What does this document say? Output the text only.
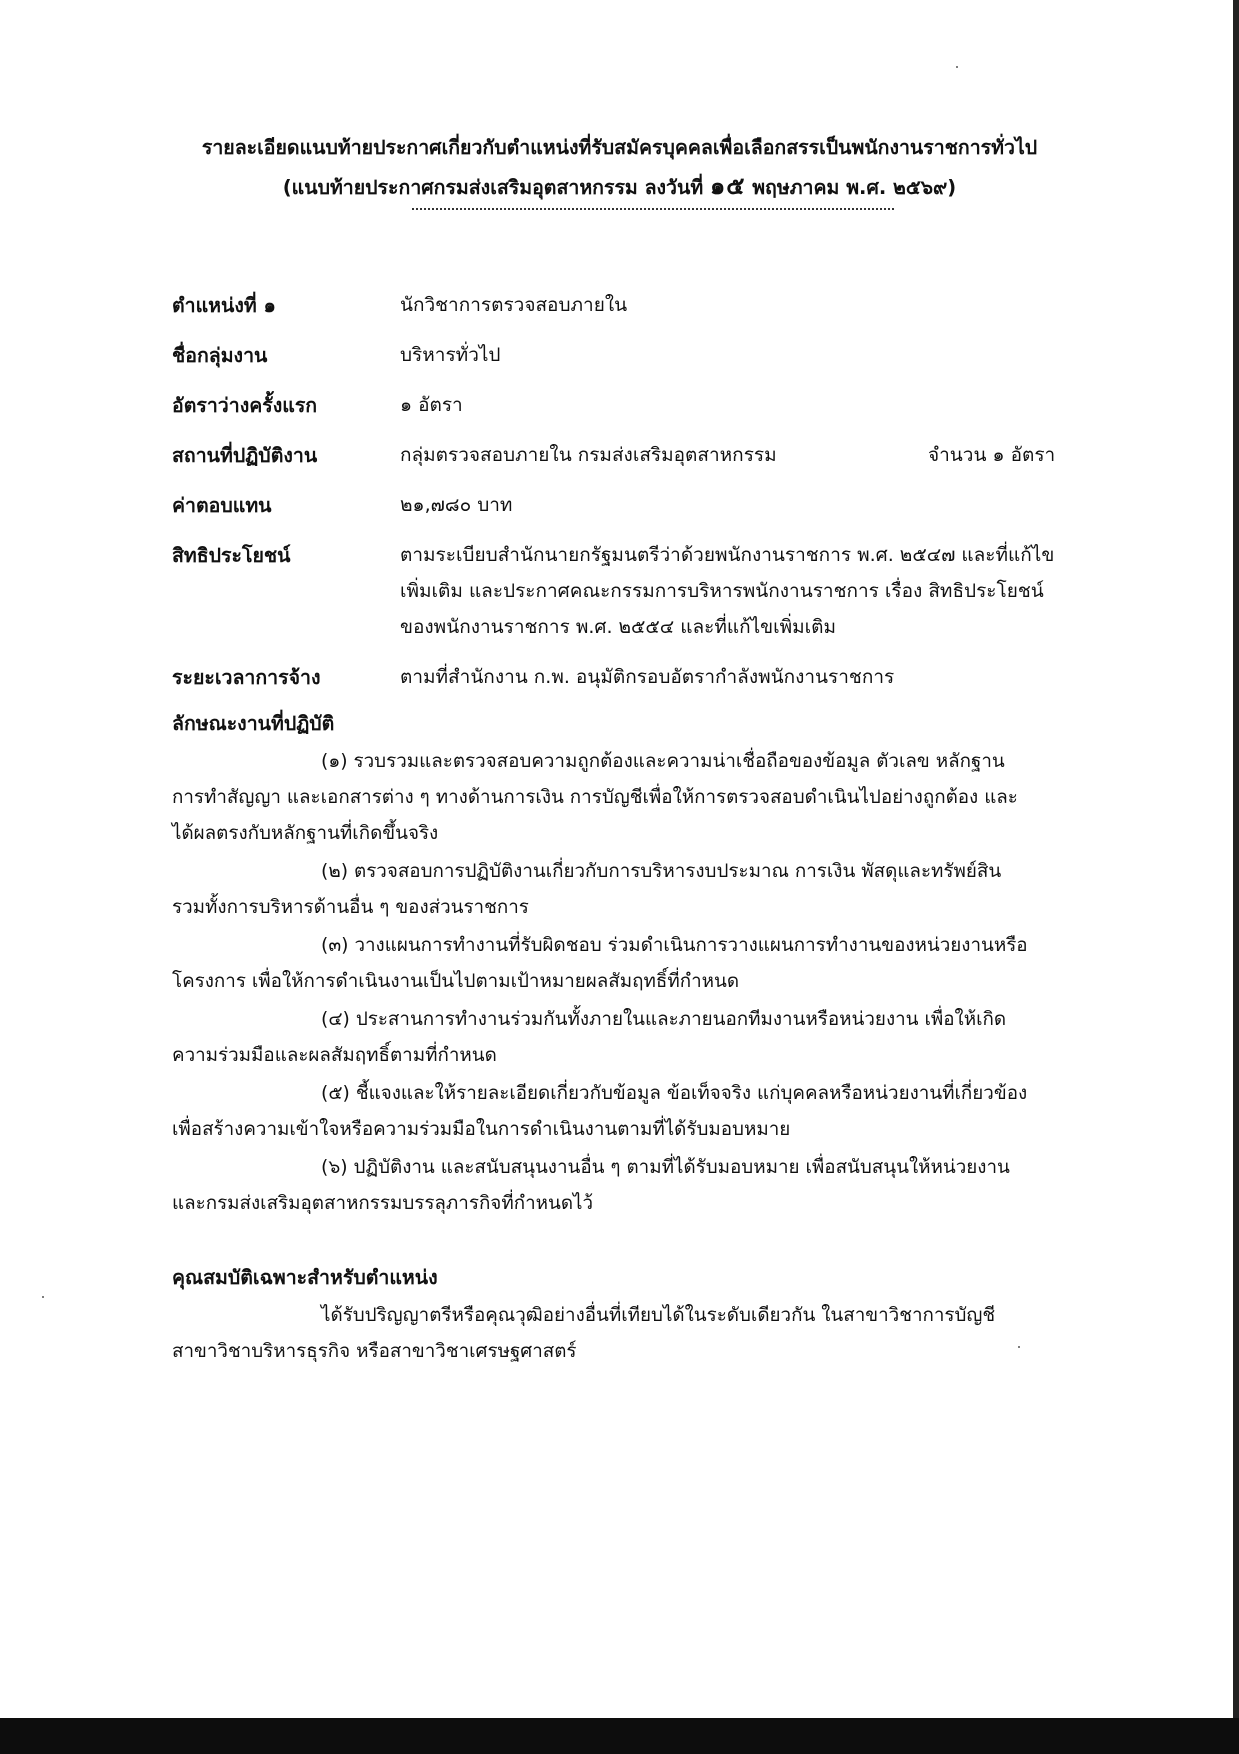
รายละเอียดแนบท้ายประกาศเกี่ยวกับตำแหน่งที่รับสมัครบุคคลเพื่อเลือกสรรเป็นพนักงานราชการทั่วไป
(แนบท้ายประกาศกรมส่งเสริมอุตสาหกรรม ลงวันที่ ๑๕ พฤษภาคม พ.ศ. ๒๕๖๙)
ตำแหน่งที่ ๑	นักวิชาการตรวจสอบภายใน
ชื่อกลุ่มงาน	บริหารทั่วไป
อัตราว่างครั้งแรก	๑ อัตรา
สถานที่ปฏิบัติงาน	กลุ่มตรวจสอบภายใน กรมส่งเสริมอุตสาหกรรม	จำนวน ๑ อัตรา
ค่าตอบแทน	๒๑,๗๘๐ บาท
สิทธิประโยชน์	ตามระเบียบสำนักนายกรัฐมนตรีว่าด้วยพนักงานราชการ พ.ศ. ๒๕๔๗ และที่แก้ไข
เพิ่มเติม และประกาศคณะกรรมการบริหารพนักงานราชการ เรื่อง สิทธิประโยชน์
ของพนักงานราชการ พ.ศ. ๒๕๕๔ และที่แก้ไขเพิ่มเติม
ระยะเวลาการจ้าง	ตามที่สำนักงาน ก.พ. อนุมัติกรอบอัตรากำลังพนักงานราชการ
ลักษณะงานที่ปฏิบัติ
(๑) รวบรวมและตรวจสอบความถูกต้องและความน่าเชื่อถือของข้อมูล ตัวเลข หลักฐาน
การทำสัญญา และเอกสารต่าง ๆ ทางด้านการเงิน การบัญชีเพื่อให้การตรวจสอบดำเนินไปอย่างถูกต้อง และ
ได้ผลตรงกับหลักฐานที่เกิดขึ้นจริง
(๒) ตรวจสอบการปฏิบัติงานเกี่ยวกับการบริหารงบประมาณ การเงิน พัสดุและทรัพย์สิน
รวมทั้งการบริหารด้านอื่น ๆ ของส่วนราชการ
(๓) วางแผนการทำงานที่รับผิดชอบ ร่วมดำเนินการวางแผนการทำงานของหน่วยงานหรือ
โครงการ เพื่อให้การดำเนินงานเป็นไปตามเป้าหมายผลสัมฤทธิ์ที่กำหนด
(๔) ประสานการทำงานร่วมกันทั้งภายในและภายนอกทีมงานหรือหน่วยงาน เพื่อให้เกิด
ความร่วมมือและผลสัมฤทธิ์ตามที่กำหนด
(๕) ชี้แจงและให้รายละเอียดเกี่ยวกับข้อมูล ข้อเท็จจริง แก่บุคคลหรือหน่วยงานที่เกี่ยวข้อง
เพื่อสร้างความเข้าใจหรือความร่วมมือในการดำเนินงานตามที่ได้รับมอบหมาย
(๖) ปฏิบัติงาน และสนับสนุนงานอื่น ๆ ตามที่ได้รับมอบหมาย เพื่อสนับสนุนให้หน่วยงาน
และกรมส่งเสริมอุตสาหกรรมบรรลุภารกิจที่กำหนดไว้
คุณสมบัติเฉพาะสำหรับตำแหน่ง
ได้รับปริญญาตรีหรือคุณวุฒิอย่างอื่นที่เทียบได้ในระดับเดียวกัน ในสาขาวิชาการบัญชี
สาขาวิชาบริหารธุรกิจ หรือสาขาวิชาเศรษฐศาสตร์
